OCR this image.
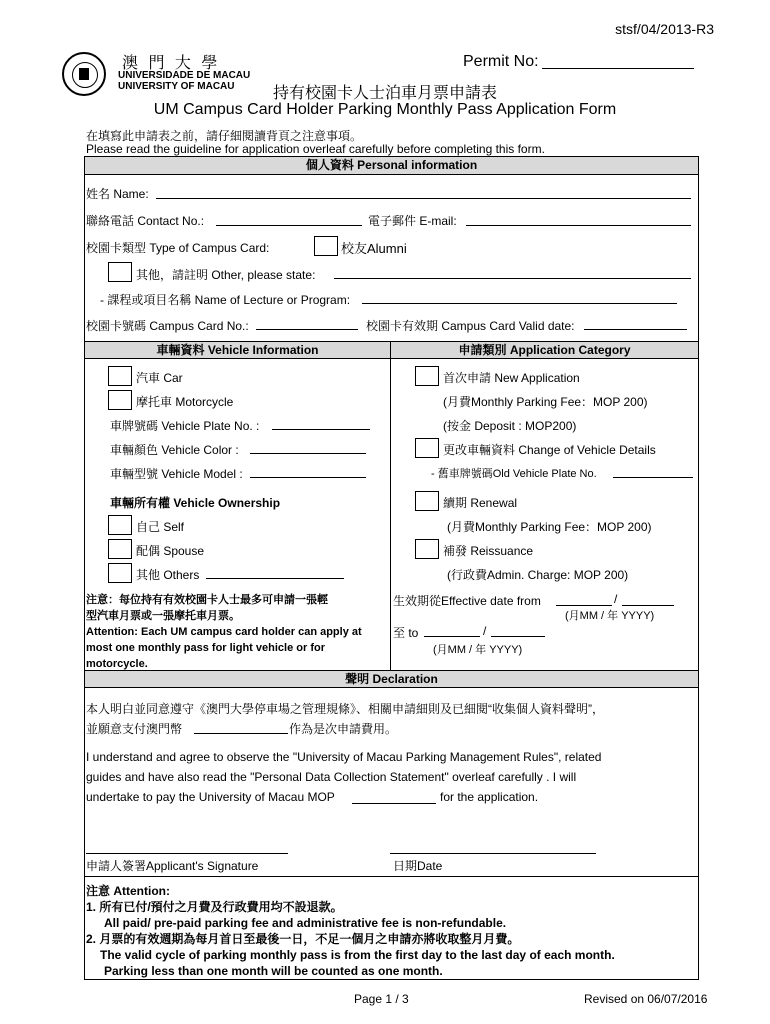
stsf/04/2013-R3
澳 門 大 學
UNIVERSIDADE DE MACAU
UNIVERSITY OF MACAU
Permit No:
持有校園卡人士泊車月票申請表
UM Campus Card Holder Parking Monthly Pass Application Form
在填寫此申請表之前，請仔細閱讀背頁之注意事項。
Please read the guideline for application overleaf carefully before completing this form.
個人資料 Personal information
姓名 Name:
聯絡電話 Contact No.:	電子郵件 E-mail:
校園卡類型 Type of Campus Card:	校友Alumni
其他，請註明 Other, please state:
- 課程或項目名稱 Name of Lecture or Program:
校園卡號碼 Campus Card No.:	校園卡有效期 Campus Card Valid date:
車輛資料 Vehicle Information	申請類別 Application Category
汽車 Car
摩托車 Motorcycle
車牌號碼 Vehicle Plate No. :
車輛顏色 Vehicle Color :
車輛型號 Vehicle Model :
車輛所有權 Vehicle Ownership
自己 Self
配偶 Spouse
其他 Others
注意：每位持有有效校園卡人士最多可申請一張輕
型汽車月票或一張摩托車月票。
Attention: Each UM campus card holder can apply at
most one monthly pass for light vehicle or for
motorcycle.
首次申請 New Application
(月費Monthly Parking Fee：MOP 200)
(按金 Deposit : MOP200)
更改車輛資料 Change of Vehicle Details
- 舊車牌號碼Old Vehicle Plate No.
續期 Renewal
(月費Monthly Parking Fee：MOP 200)
補發 Reissuance
(行政費Admin. Charge: MOP 200)
生效期從Effective date from	/
(月MM / 年 YYYY)
至 to	/
(月MM / 年 YYYY)
聲明 Declaration
本人明白並同意遵守《澳門大學停車場之管理規條》、相關申請細則及已細閱“收集個人資料聲明”，
並願意支付澳門幣	作為是次申請費用。
I understand and agree to observe the "University of Macau Parking Management Rules", related
guides and have also read the "Personal Data Collection Statement" overleaf carefully . I will
undertake to pay the University of Macau MOP	for the application.
申請人簽署Applicant's Signature	日期Date
注意 Attention:
1. 所有已付/預付之月費及行政費用均不設退款。
All paid/ pre-paid parking fee and administrative fee is non-refundable.
2. 月票的有效週期為每月首日至最後一日，不足一個月之申請亦將收取整月月費。
The valid cycle of parking monthly pass is from the first day to the last day of each month.
Parking less than one month will be counted as one month.
Page 1 / 3	Revised on 06/07/2016
